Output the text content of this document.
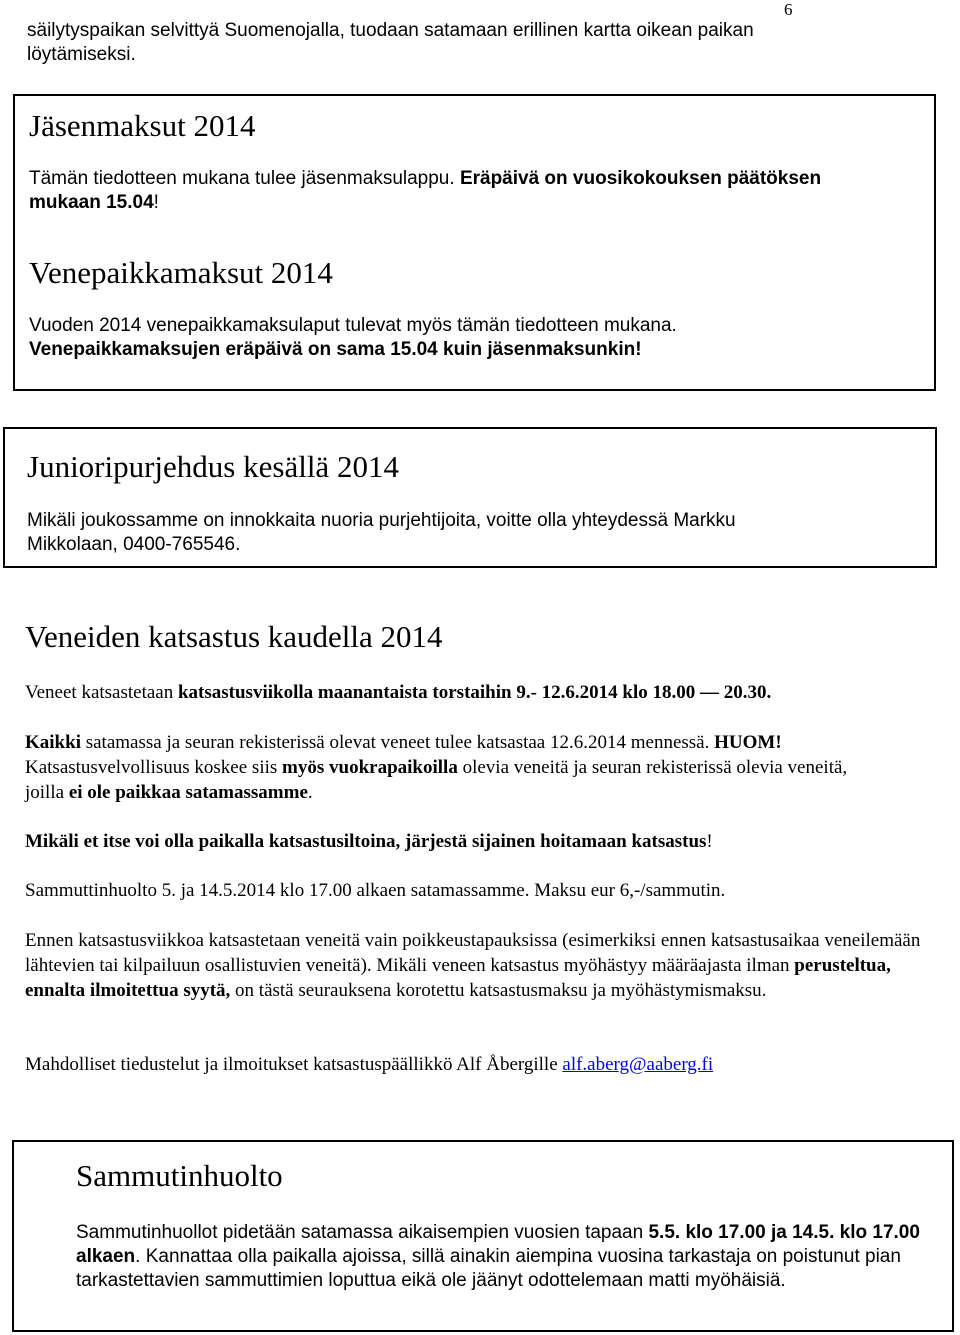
6
säilytyspaikan selvittyä Suomenojalla, tuodaan satamaan erillinen kartta oikean paikan
löytämiseksi.
Jäsenmaksut 2014
Tämän tiedotteen mukana tulee jäsenmaksulappu. Eräpäivä on vuosikokouksen päätöksen mukaan 15.04!
Venepaikkamaksut 2014
Vuoden 2014 venepaikkamaksulaput tulevat myös tämän tiedotteen mukana.
Venepaikkamaksujen eräpäivä on sama 15.04 kuin jäsenmaksunkin!
Junioripurjehdus kesällä 2014
Mikäli joukossamme on innokkaita nuoria purjehtijoita, voitte olla yhteydessä Markku Mikkolaan, 0400-765546.
Veneiden katsastus kaudella 2014
Veneet katsastetaan katsastusviikolla maanantaista torstaihin 9.- 12.6.2014 klo 18.00 — 20.30.
Kaikki satamassa ja seuran rekisterissä olevat veneet tulee katsastaa 12.6.2014 mennessä. HUOM! Katsastusvelvollisuus koskee siis myös vuokrapaikoilla olevia veneitä ja seuran rekisterissä olevia veneitä, joilla ei ole paikkaa satamassamme.
Mikäli et itse voi olla paikalla katsastusiltoina, järjestä sijainen hoitamaan katsastus!
Sammuttinhuolto 5. ja 14.5.2014 klo 17.00 alkaen satamassamme. Maksu eur 6,-/sammutin.
Ennen katsastusviikkoa katsastetaan veneitä vain poikkeustapauksissa (esimerkiksi ennen katsastusaikaa veneilemään lähtevien tai kilpailuun osallistuvien veneitä). Mikäli veneen katsastus myöhästyy määräajasta ilman perusteltua, ennalta ilmoitettua syytä, on tästä seurauksena korotettu katsastusmaksu ja myöhästymismaksu.
Mahdolliset tiedustelut ja ilmoitukset katsastuspäällikkö Alf Åbergille alf.aberg@aaberg.fi
Sammutinhuolto
Sammutinhuollot pidetään satamassa aikaisempien vuosien tapaan 5.5. klo 17.00 ja 14.5. klo 17.00 alkaen. Kannattaa olla paikalla ajoissa, sillä ainakin aiempina vuosina tarkastaja on poistunut pian tarkastettavien sammuttimien loputtua eikä ole jäänyt odottelemaan matti myöhäisiä.
